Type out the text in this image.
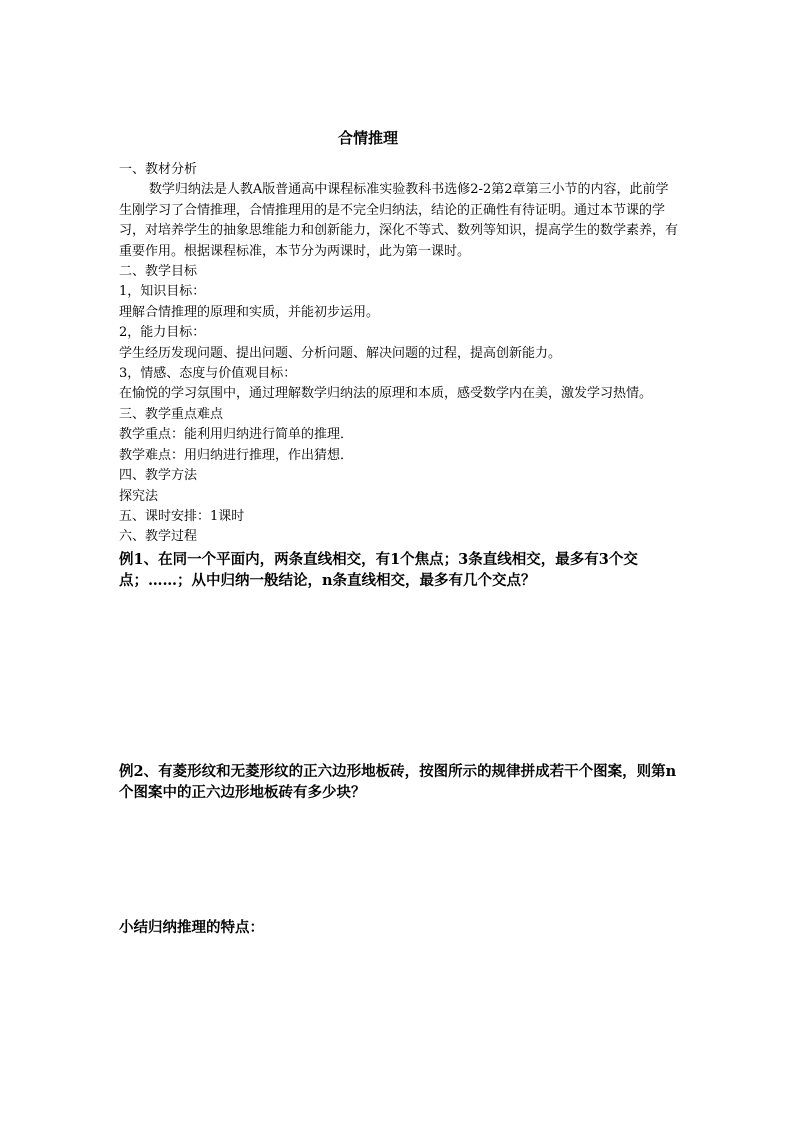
合情推理

一、教材分析

数学归纳法是人教A版普通高中课程标准实验教科书选修2-2第2章第三小节的内容，此前学生刚学习了合情推理，合情推理用的是不完全归纳法，结论的正确性有待证明。通过本节课的学习，对培养学生的抽象思维能力和创新能力，深化不等式、数列等知识，提高学生的数学素养，有重要作用。根据课程标准，本节分为两课时，此为第一课时。

二、教学目标

1，知识目标：

理解合情推理的原理和实质，并能初步运用。

2，能力目标：

学生经历发现问题、提出问题、分析问题、解决问题的过程，提高创新能力。

3，情感、态度与价值观目标：

在愉悦的学习氛围中，通过理解数学归纳法的原理和本质，感受数学内在美，激发学习热情。

三、教学重点难点

教学重点：能利用归纳进行简单的推理．

教学难点：用归纳进行推理，作出猜想．

四、教学方法

探究法

五、课时安排：1课时

六、教学过程

例1、在同一个平面内，两条直线相交，有1个焦点；3条直线相交，最多有3个交点；……；从中归纳一般结论，n条直线相交，最多有几个交点？

例2、有菱形纹和无菱形纹的正六边形地板砖，按图所示的规律拼成若干个图案，则第n个图案中的正六边形地板砖有多少块？

小结归纳推理的特点：
